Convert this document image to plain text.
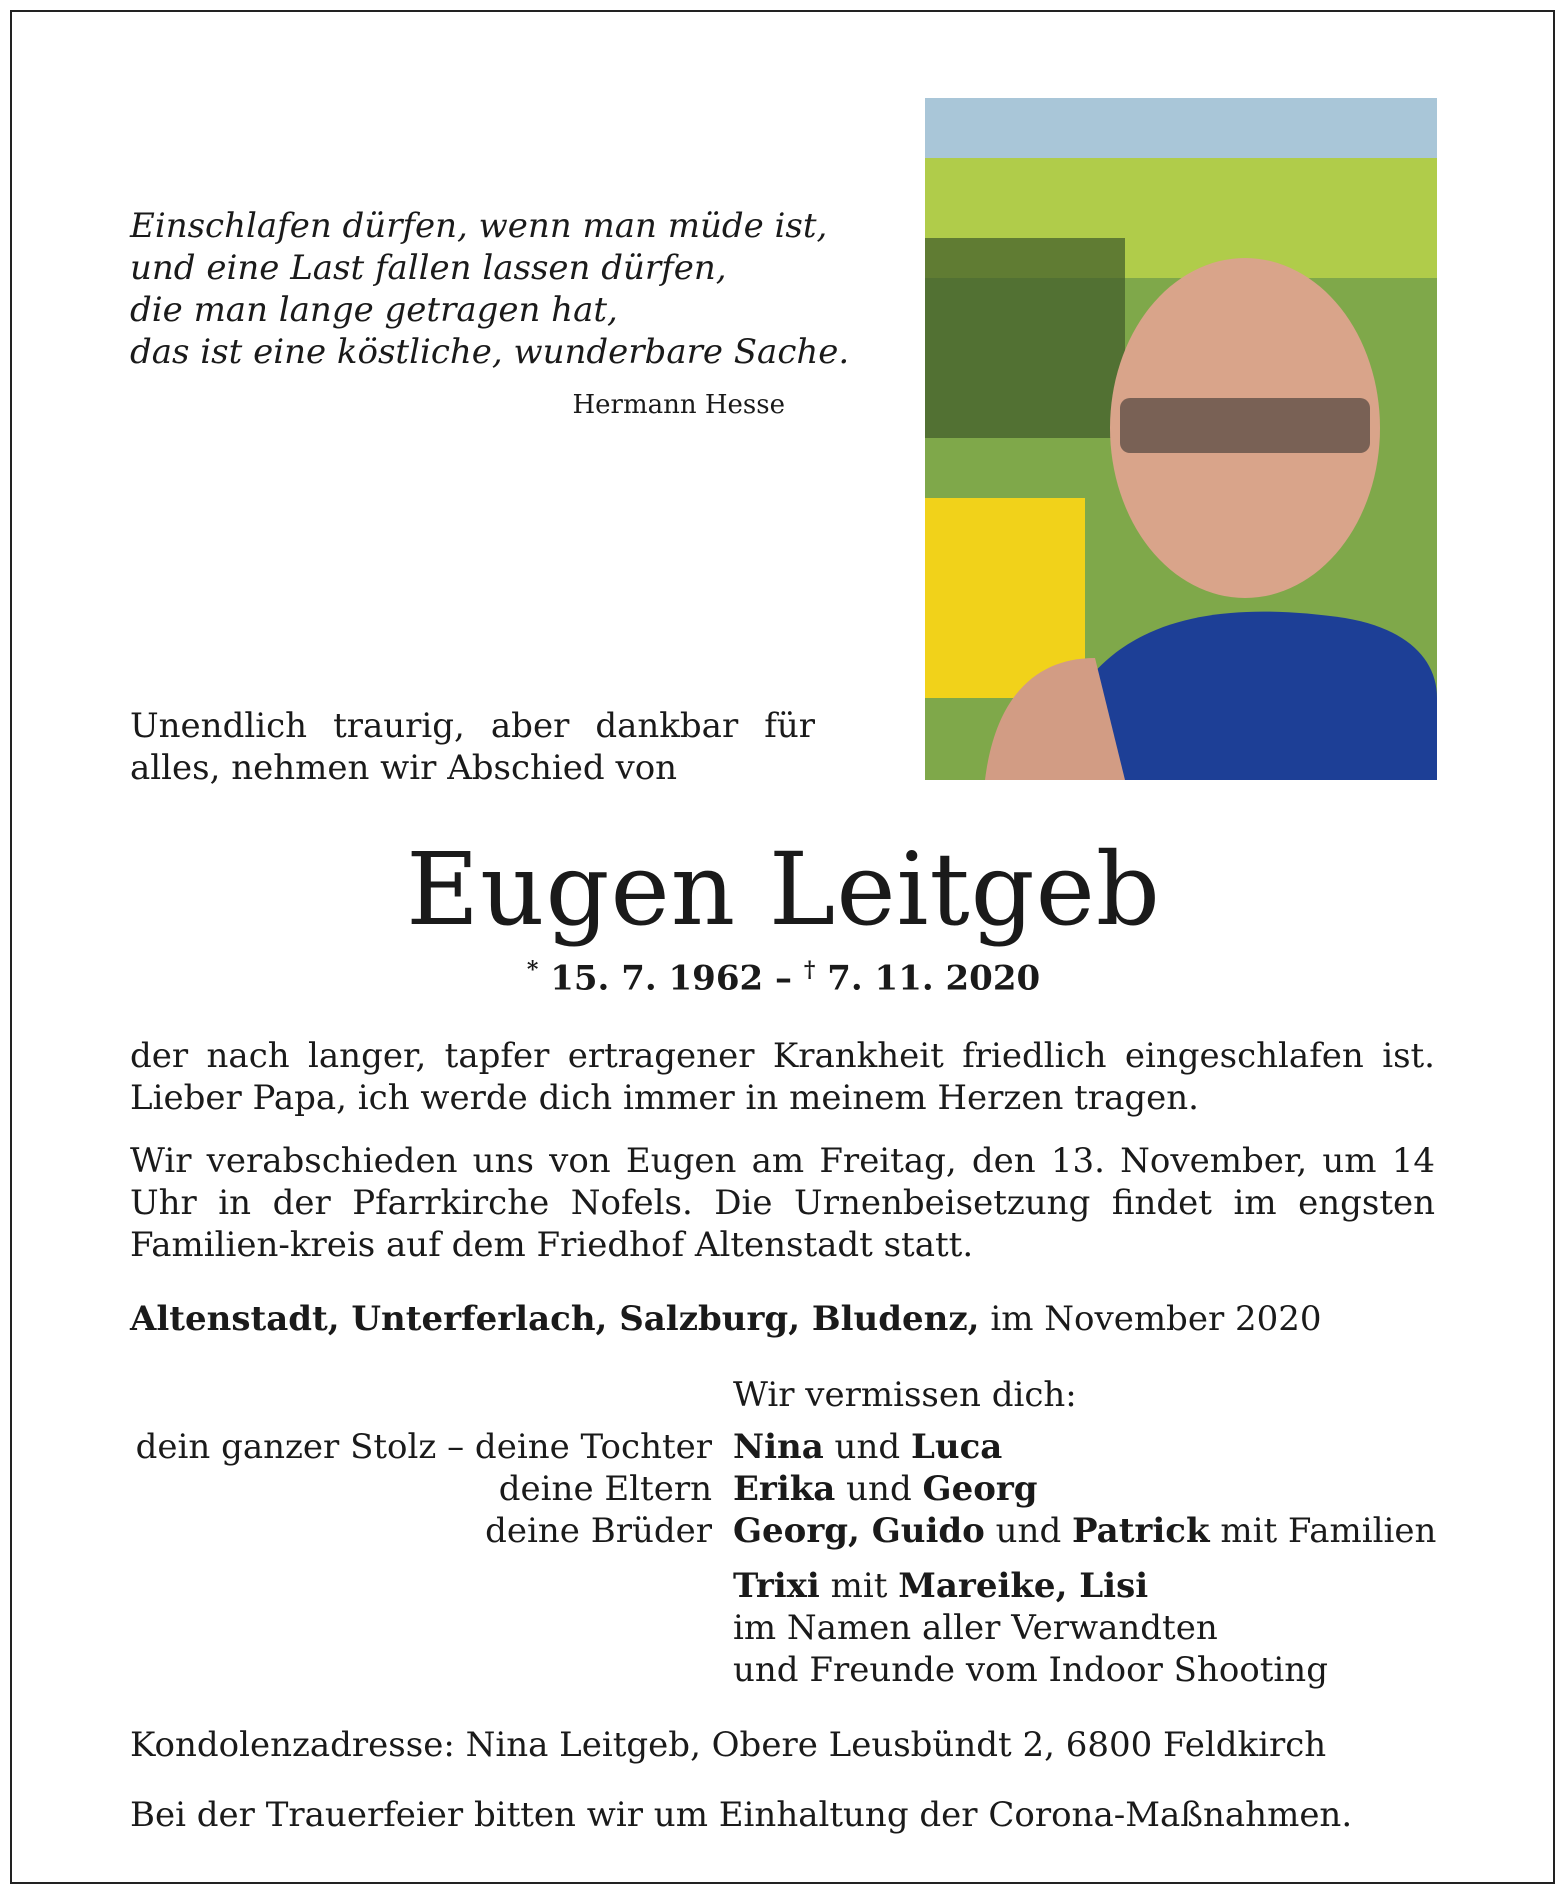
Einschlafen dürfen, wenn man müde ist,
und eine Last fallen lassen dürfen,
die man lange getragen hat,
das ist eine köstliche, wunderbare Sache.
Hermann Hesse
Unendlich traurig, aber dankbar für alles, nehmen wir Abschied von
Eugen Leitgeb
* 15. 7. 1962 – † 7. 11. 2020
der nach langer, tapfer ertragener Krankheit friedlich eingeschlafen ist. Lieber Papa, ich werde dich immer in meinem Herzen tragen.
Wir verabschieden uns von Eugen am Freitag, den 13. November, um 14 Uhr in der Pfarrkirche Nofels. Die Urnenbeisetzung findet im engsten Familien-kreis auf dem Friedhof Altenstadt statt.
Altenstadt, Unterferlach, Salzburg, Bludenz, im November 2020
Wir vermissen dich:
dein ganzer Stolz – deine Tochter Nina und Luca
deine Eltern Erika und Georg
deine Brüder Georg, Guido und Patrick mit Familien
Trixi mit Mareike, Lisi
im Namen aller Verwandten
und Freunde vom Indoor Shooting
Kondolenzadresse: Nina Leitgeb, Obere Leusbündt 2, 6800 Feldkirch
Bei der Trauerfeier bitten wir um Einhaltung der Corona-Maßnahmen.
